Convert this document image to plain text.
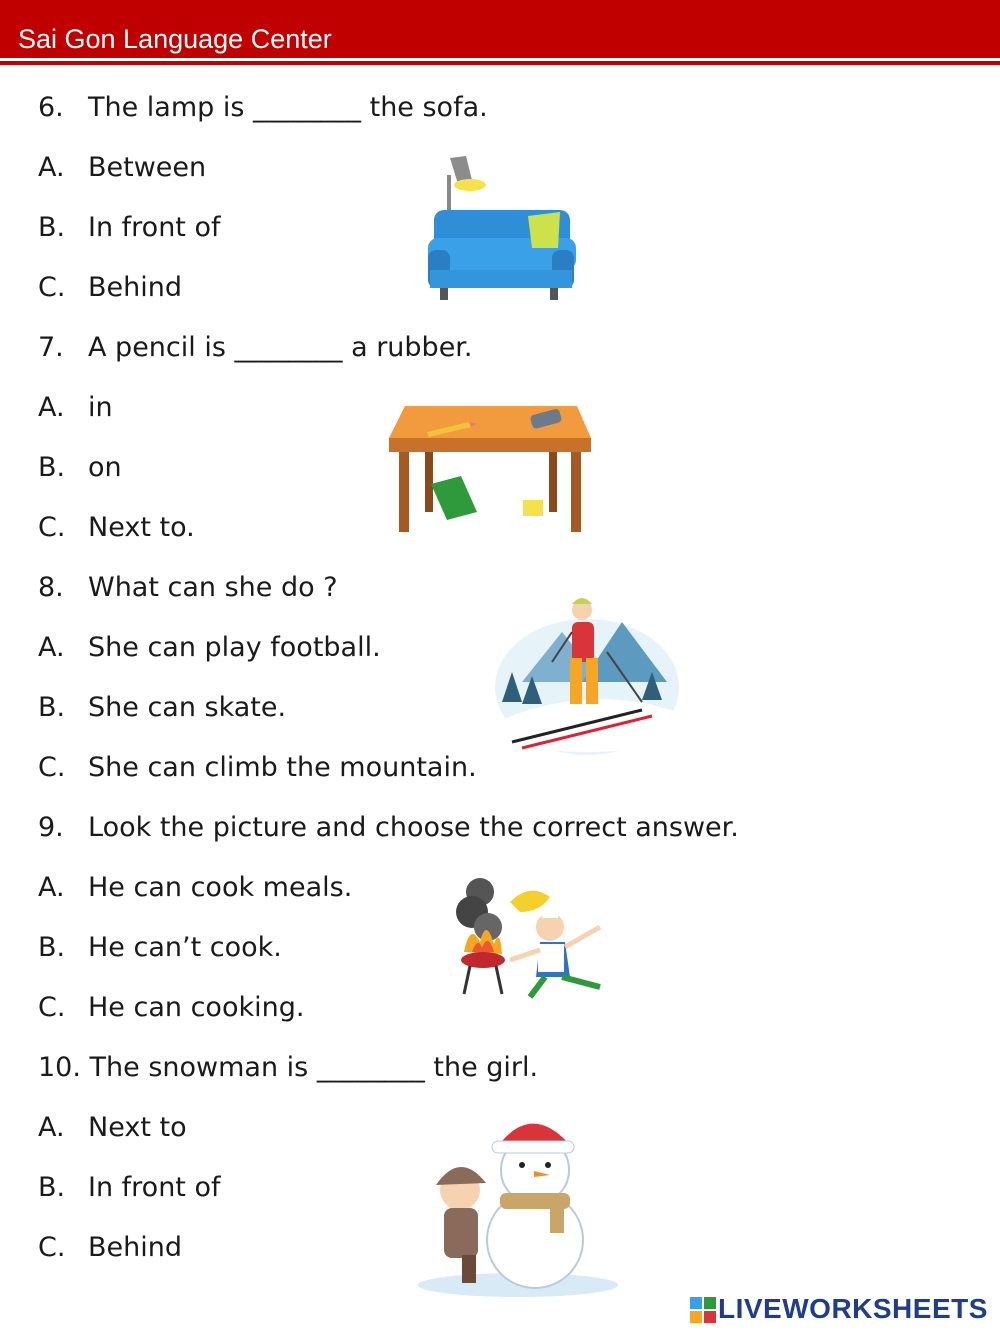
Sai Gon Language Center
6. The lamp is ________ the sofa.
A. Between
B. In front of
C. Behind
7. A pencil is ________ a rubber.
A. in
B. on
C. Next to.
8. What can she do ?
A. She can play football.
B. She can skate.
C. She can climb the mountain.
9. Look the picture and choose the correct answer.
A. He can cook meals.
B. He can’t cook.
C. He can cooking.
10. The snowman is ________ the girl.
A. Next to
B. In front of
C. Behind
LIVEWORKSHEETS
